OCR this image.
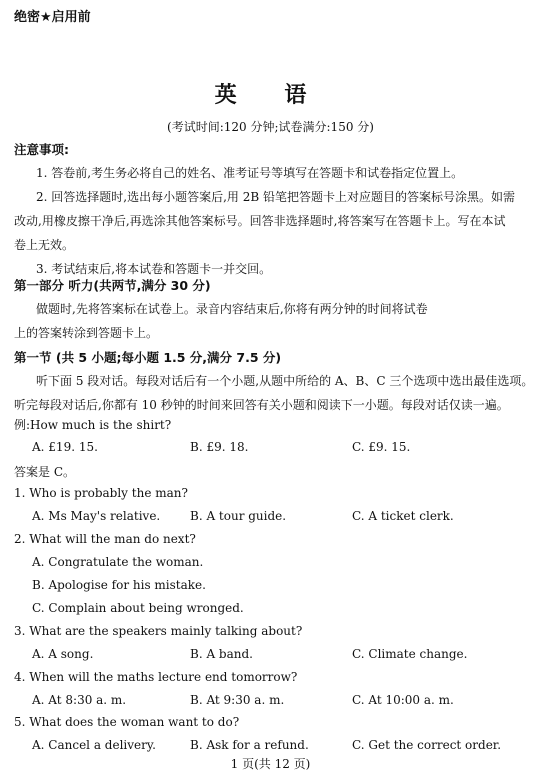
绝密★启用前
英 语
(考试时间:120 分钟;试卷满分:150 分)
注意事项:
1. 答卷前,考生务必将自己的姓名、准考证号等填写在答题卡和试卷指定位置上。
2. 回答选择题时,选出每小题答案后,用 2B 铅笔把答题卡上对应题目的答案标号涂黑。如需
改动,用橡皮擦干净后,再选涂其他答案标号。回答非选择题时,将答案写在答题卡上。写在本试
卷上无效。
3. 考试结束后,将本试卷和答题卡一并交回。
第一部分 听力(共两节,满分 30 分)
做题时,先将答案标在试卷上。录音内容结束后,你将有两分钟的时间将试卷
上的答案转涂到答题卡上。
第一节 (共 5 小题;每小题 1.5 分,满分 7.5 分)
听下面 5 段对话。每段对话后有一个小题,从题中所给的 A、B、C 三个选项中选出最佳选项。
听完每段对话后,你都有 10 秒钟的时间来回答有关小题和阅读下一小题。每段对话仅读一遍。
例:How much is the shirt?
A. £19. 15.	B. £9. 18.	C. £9. 15.
答案是 C。
1. Who is probably the man?
A. Ms May's relative. B. A tour guide.	C. A ticket clerk.
2. What will the man do next?
A. Congratulate the woman.
B. Apologise for his mistake.
C. Complain about being wronged.
3. What are the speakers mainly talking about?
A. A song.	B. A band.	C. Climate change.
4. When will the maths lecture end tomorrow?
A. At 8:30 a. m.	B. At 9:30 a. m.	C. At 10:00 a. m.
5. What does the woman want to do?
A. Cancel a delivery.	B. Ask for a refund.	C. Get the correct order.
1 页(共 12 页)
